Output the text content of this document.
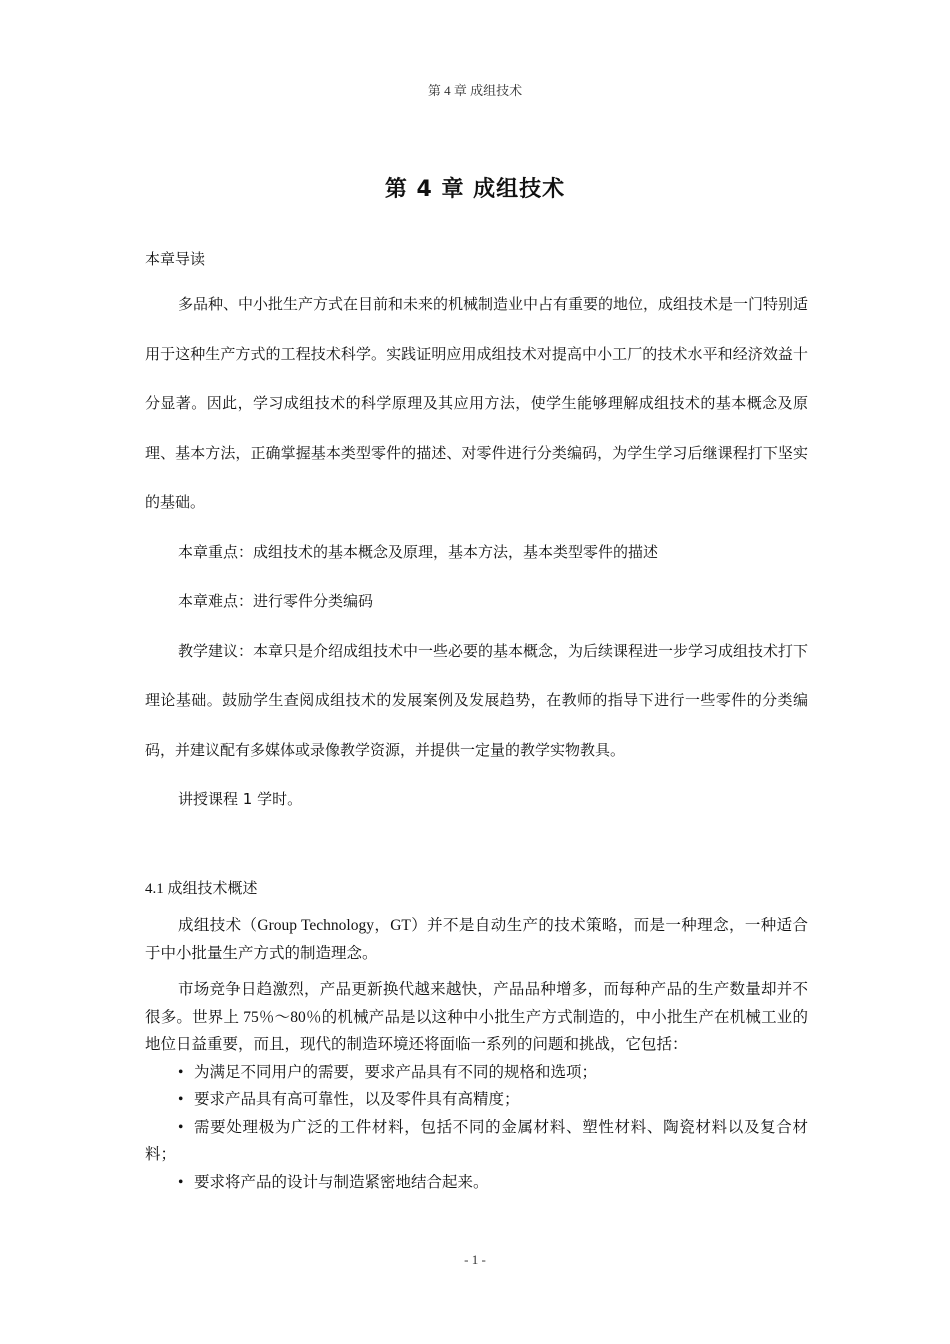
第 4 章 成组技术
第 4 章 成组技术
本章导读

多品种、中小批生产方式在目前和未来的机械制造业中占有重要的地位，成组技术是一门特别适用于这种生产方式的工程技术科学。实践证明应用成组技术对提高中小工厂的技术水平和经济效益十分显著。因此，学习成组技术的科学原理及其应用方法，使学生能够理解成组技术的基本概念及原理、基本方法，正确掌握基本类型零件的描述、对零件进行分类编码，为学生学习后继课程打下坚实的基础。

本章重点：成组技术的基本概念及原理，基本方法，基本类型零件的描述

本章难点：进行零件分类编码

教学建议：本章只是介绍成组技术中一些必要的基本概念，为后续课程进一步学习成组技术打下理论基础。鼓励学生查阅成组技术的发展案例及发展趋势，在教师的指导下进行一些零件的分类编码，并建议配有多媒体或录像教学资源，并提供一定量的教学实物教具。

讲授课程 1 学时。

4.1 成组技术概述

成组技术（Group Technology，GT）并不是自动生产的技术策略，而是一种理念，一种适合于中小批量生产方式的制造理念。

市场竞争日趋激烈，产品更新换代越来越快，产品品种增多，而每种产品的生产数量却并不很多。世界上 75％～80％的机械产品是以这种中小批生产方式制造的，中小批生产在机械工业的地位日益重要，而且，现代的制造环境还将面临一系列的问题和挑战，它包括：

• 为满足不同用户的需要，要求产品具有不同的规格和选项；
• 要求产品具有高可靠性，以及零件具有高精度；
• 需要处理极为广泛的工件材料，包括不同的金属材料、塑性材料、陶瓷材料以及复合材料；
• 要求将产品的设计与制造紧密地结合起来。
- 1 -
